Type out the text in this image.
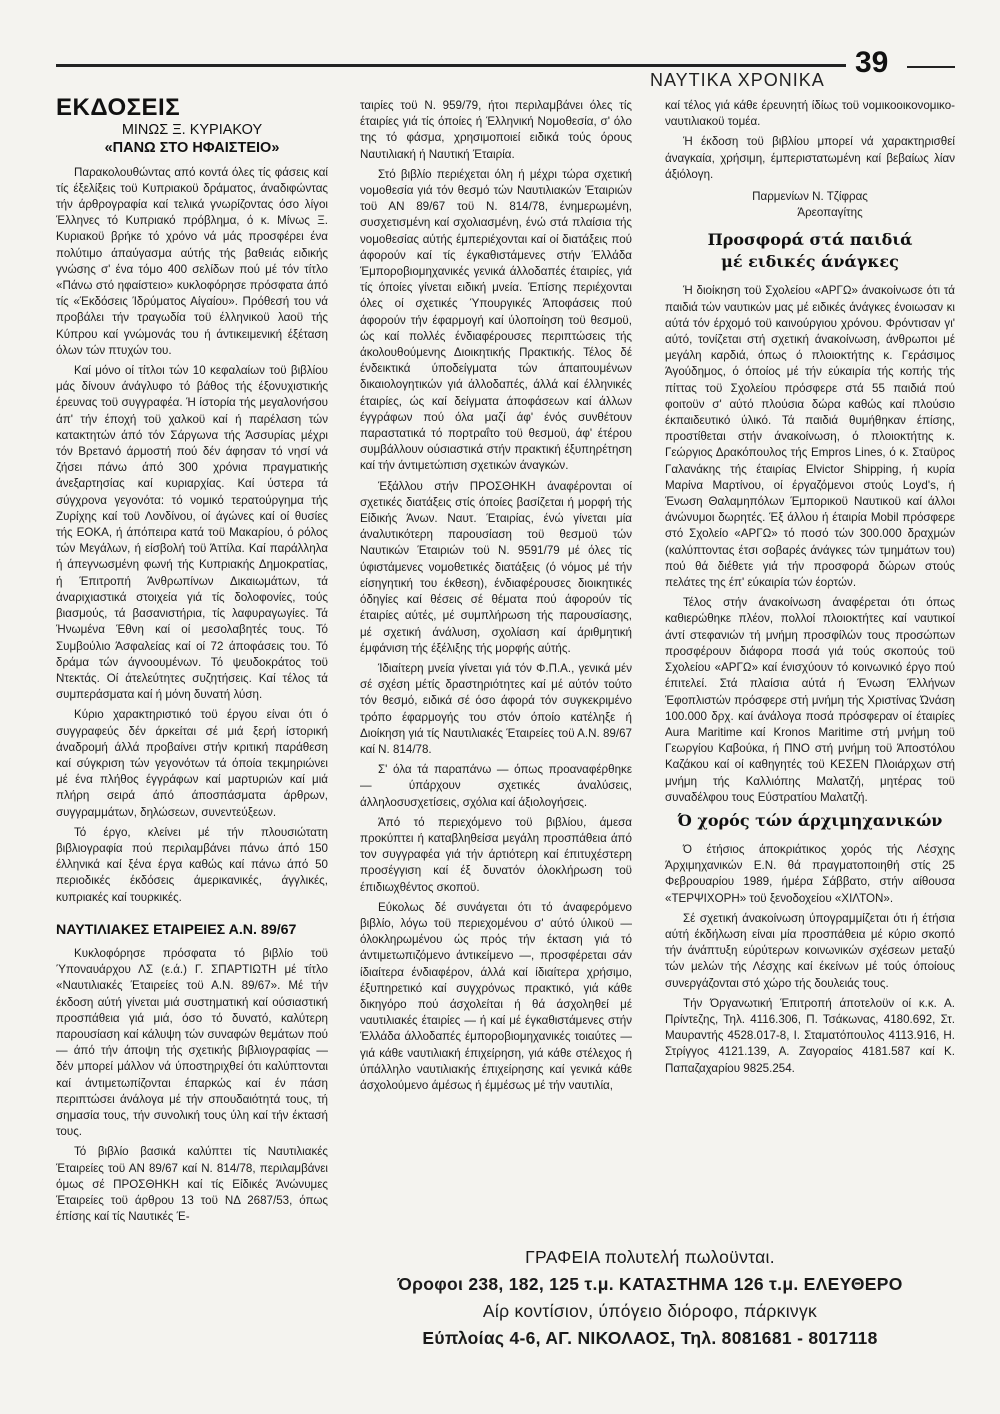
ΝΑΥΤΙΚΑ ΧΡΟΝΙΚΑ
39
ΕΚΔΟΣΕΙΣ
ΜΙΝΩΣ Ξ. ΚΥΡΙΑΚΟΥ
«ΠΑΝΩ ΣΤΟ ΗΦΑΙΣΤΕΙΟ»

Παρακολουθώντας από κοντά όλες τίς φάσεις καί τίς έξελίξεις τοϋ Κυπριακοϋ δράματος, άναδιφώντας τήν άρθρογραφία καί τελικά γνωρίζοντας όσο λίγοι Έλληνες τό Κυπριακό πρόβλημα, ό κ. Μίνως Ξ. Κυριακοϋ βρήκε τό χρόνο νά μάς προσφέρει ένα πολύτιμο άπαύγασμα αύτής τής βαθειάς ειδικής γνώσης σ' ένα τόμο 400 σελίδων πού μέ τόν τίτλο «Πάνω στό ηφαίστειο» κυκλοφόρησε πρόσφατα άπό τίς «Έκδόσεις Ίδρύματος Αίγαίου». Πρόθεσή του νά προβάλει τήν τραγωδία τοϋ έλληνικοϋ λαοϋ τής Κύπρου καί γνώμονάς του ή άντικειμενική έξέταση όλων τών πτυχών του.

Καί μόνο οί τίτλοι τών 10 κεφαλαίων τοϋ βιβλίου μάς δίνουν άνάγλυφο τό βάθος τής έξονυχιστικής έρευνας τοϋ συγγραφέα. Ή ίστορία τής μεγαλονήσου άπ' τήν έποχή τοϋ χαλκοϋ καί ή παρέλαση τών κατακτητών άπό τόν Σάργωνα τής Άσσυρίας μέχρι τόν Βρετανό άρμοστή πού δέν άφησαν τό νησί νά ζήσει πάνω άπό 300 χρόνια πραγματικής άνεξαρτησίας καί κυριαρχίας. Καί ύστερα τά σύγχρονα γεγονότα: τό νομικό τερατούργημα τής Ζυρίχης καί τοϋ Λονδίνου, οί άγώνες καί οί θυσίες τής ΕΟΚΑ, ή άπόπειρα κατά τοϋ Μακαρίου, ό ρόλος τών Μεγάλων, ή είσβολή τοϋ Άττίλα. Καί παράλληλα ή άπεγνωσμένη φωνή τής Κυπριακής Δημοκρατίας, ή Έπιτροπή Άνθρωπίνων Δικαιωμάτων, τά άναριχιαστικά στοιχεία γιά τίς δολοφονίες, τούς βιασμούς, τά βασανιστήρια, τίς λαφυραγωγίες. Τά Ήνωμένα Έθνη καί οί μεσολαβητές τους. Τό Συμβούλιο Άσφαλείας καί οί 72 άποφάσεις του. Τό δράμα τών άγνοουμένων. Τό ψευδοκράτος τοϋ Ντεκτάς. Οί άτελεύτητες συζητήσεις. Καί τέλος τά συμπεράσματα καί ή μόνη δυνατή λύση.

Κύριο χαρακτηριστικό τοϋ έργου είναι ότι ό συγγραφεύς δέν άρκείται σέ μιά ξερή ίστορική άναδρομή άλλά προβαίνει στήν κριτική παράθεση καί σύγκριση τών γεγονότων τά όποία τεκμηριώνει μέ ένα πλήθος έγγράφων καί μαρτυριών καί μιά πλήρη σειρά άπό άποσπάσματα άρθρων, συγγραμμάτων, δηλώσεων, συνεντεύξεων.

Τό έργο, κλείνει μέ τήν πλουσιώτατη βιβλιογραφία πού περιλαμβάνει πάνω άπό 150 έλληνικά καί ξένα έργα καθώς καί πάνω άπό 50 περιοδικές έκδόσεις άμερικανικές, άγγλικές, κυπριακές καί τουρκικές.

ΝΑΥΤΙΛΙΑΚΕΣ ΕΤΑΙΡΕΙΕΣ Α.Ν. 89/67

Κυκλοφόρησε πρόσφατα τό βιβλίο τοϋ Ύποναυάρχου ΛΣ (ε.ά.) Γ. ΣΠΑΡΤΙΩΤΗ μέ τίτλο «Ναυτιλιακές Έταιρείες τοϋ Α.Ν. 89/67». Μέ τήν έκδοση αύτή γίνεται μιά συστηματική καί ούσιαστική προσπάθεια γιά μιά, όσο τό δυνατό, καλύτερη παρουσίαση καί κάλυψη τών συναφών θεμάτων πού — άπό τήν άποψη τής σχετικής βιβλιογραφίας — δέν μπορεί μάλλον νά ύποστηριχθεί ότι καλύπτονται καί άντιμετωπίζονται έπαρκώς καί έν πάση περιπτώσει άνάλογα μέ τήν σπουδαιότητά τους, τή σημασία τους, τήν συνολική τους ύλη καί τήν έκτασή τους.

Τό βιβλίο βασικά καλύπτει τίς Ναυτιλιακές Έταιρείες τοϋ ΑΝ 89/67 καί Ν. 814/78, περιλαμβάνει όμως σέ ΠΡΟΣΘΗΚΗ καί τίς Είδικές Άνώνυμες Έταιρείες τοϋ άρθρου 13 τοϋ ΝΔ 2687/53, όπως έπίσης καί τίς Ναυτικές Έ-

ταιρίες τοϋ Ν. 959/79, ήτοι περιλαμβάνει όλες τίς έταιρίες γιά τίς όποίες ή Έλληνική Νομοθεσία, σ' όλο της τό φάσμα, χρησιμοποιεί ειδικά τούς όρους Ναυτιλιακή ή Ναυτική Έταιρία.

Στό βιβλίο περιέχεται όλη ή μέχρι τώρα σχετική νομοθεσία γιά τόν θεσμό τών Ναυτιλιακών Έταιριών τοϋ ΑΝ 89/67 τοϋ Ν. 814/78, ένημερωμένη, συσχετισμένη καί σχολιασμένη, ένώ στά πλαίσια τής νομοθεσίας αύτής έμπεριέχονται καί οί διατάξεις πού άφορούν καί τίς έγκαθιστάμενες στήν Έλλάδα Έμποροβιομηχανικές γενικά άλλοδαπές έταιρίες, γιά τίς όποίες γίνεται ειδική μνεία. Έπίσης περιέχονται όλες οί σχετικές Ύπουργικές Άποφάσεις πού άφορούν τήν έφαρμογή καί ύλοποίηση τοϋ θεσμοϋ, ώς καί πολλές ένδιαφέρουσες περιπτώσεις τής άκολουθούμενης Διοικητικής Πρακτικής. Τέλος δέ ένδεικτικά ύποδείγματα τών άπαιτουμένων δικαιολογητικών γιά άλλοδαπές, άλλά καί έλληνικές έταιρίες, ώς καί δείγματα άποφάσεων καί άλλων έγγράφων πού όλα μαζί άφ' ένός συνθέτουν παραστατικά τό πορτραΐτο τοϋ θεσμοϋ, άφ' έτέρου συμβάλλουν ούσιαστικά στήν πρακτική έξυπηρέτηση καί τήν άντιμετώπιση σχετικών άναγκών.

Έξάλλου στήν ΠΡΟΣΘΗΚΗ άναφέρονται οί σχετικές διατάξεις στίς όποίες βασίζεται ή μορφή τής Είδικής Άνων. Ναυτ. Έταιρίας, ένώ γίνεται μία άναλυτικότερη παρουσίαση τοϋ θεσμοϋ τών Ναυτικών Έταιριών τοϋ Ν. 9591/79 μέ όλες τίς ύφιστάμενες νομοθετικές διατάξεις (ό νόμος μέ τήν είσηγητική του έκθεση), ένδιαφέρουσες διοικητικές όδηγίες καί θέσεις σέ θέματα πού άφορούν τίς έταιρίες αύτές, μέ συμπλήρωση τής παρουσίασης, μέ σχετική άνάλυση, σχολίαση καί άριθμητική έμφάνιση τής έξέλιξης τής μορφής αύτής.

Ίδιαίτερη μνεία γίνεται γιά τόν Φ.Π.Α., γενικά μέν σέ σχέση μέτίς δραστηριότητες καί μέ αύτόν τούτο τόν θεσμό, ειδικά σέ όσο άφορά τόν συγκεκριμένο τρόπο έφαρμογής του στόν όποίο κατέληξε ή Διοίκηση γιά τίς Ναυτιλιακές Έταιρείες τοϋ Α.Ν. 89/67 καί Ν. 814/78.

Σ' όλα τά παραπάνω — όπως προαναφέρθηκε — ύπάρχουν σχετικές άναλύσεις, άλληλοσυσχετίσεις, σχόλια καί άξιολογήσεις.

Άπό τό περιεχόμενο τοϋ βιβλίου, άμεσα προκύπτει ή καταβληθείσα μεγάλη προσπάθεια άπό τον συγγραφέα γιά τήν άρτιότερη καί έπιτυχέστερη προσέγγιση καί έξ δυνατόν όλοκλήρωση τοϋ έπιδιωχθέντος σκοποϋ.

Εύκολως δέ συνάγεται ότι τό άναφερόμενο βιβλίο, λόγω τοϋ περιεχομένου σ' αύτό ύλικοϋ — όλοκληρωμένου ώς πρός τήν έκταση γιά τό άντιμετωπιζόμενο άντικείμενο —, προσφέρεται σάν ίδιαίτερα ένδιαφέρον, άλλά καί ίδιαίτερα χρήσιμο, έξυπηρετικό καί συγχρόνως πρακτικό, γιά κάθε δικηγόρο πού άσχολείται ή θά άσχοληθεί μέ ναυτιλιακές έταιρίες — ή καί μέ έγκαθιστάμενες στήν Έλλάδα άλλοδαπές έμποροβιομηχανικές τοιαύτες — γιά κάθε ναυτιλιακή έπιχείρηση, γιά κάθε στέλεχος ή ύπάλληλο ναυτιλιακής έπιχείρησης καί γενικά κάθε άσχολούμενο άμέσως ή έμμέσως μέ τήν ναυτιλία,

καί τέλος γιά κάθε έρευνητή ίδίως τοϋ νομικοοικονομικο-ναυτιλιακοϋ τομέα.

Ή έκδοση τοϋ βιβλίου μπορεί νά χαρακτηρισθεί άναγκαία, χρήσιμη, έμπεριστατωμένη καί βεβαίως λίαν άξιόλογη.

Παρμενίων Ν. Τζίφρας
Άρεοπαγίτης
Προσφορά στά παιδιά
μέ ειδικές άνάγκες

Ή διοίκηση τοϋ Σχολείου «ΑΡΓΩ» άνακοίνωσε ότι τά παιδιά τών ναυτικών μας μέ ειδικές άνάγκες ένοιωσαν κι αύτά τόν έρχομό τοϋ καινούργιου χρόνου. Φρόντισαν γι' αύτό, τονίζεται στή σχετική άνακοίνωση, άνθρωποι μέ μεγάλη καρδιά, όπως ό πλοιοκτήτης κ. Γεράσιμος Άγούδημος, ό όποίος μέ τήν εύκαιρία τής κοπής τής πίττας τοϋ Σχολείου πρόσφερε στά 55 παιδιά πού φοιτοϋν σ' αύτό πλούσια δώρα καθώς καί πλούσιο έκπαιδευτικό ύλικό. Τά παιδιά θυμήθηκαν έπίσης, προστίθεται στήν άνακοίνωση, ό πλοιοκτήτης κ. Γεώργιος Δρακόπουλος τής Empros Lines, ό κ. Σταϋρος Γαλανάκης τής έταιρίας Elvictor Shipping, ή κυρία Μαρίνα Μαρτίνου, οί έργαζόμενοι στούς Loyd's, ή Ένωση Θαλαμηπόλων Έμπορικοϋ Ναυτικοϋ καί άλλοι άνώνυμοι δωρητές. Έξ άλλου ή έταιρία Mobil πρόσφερε στό Σχολείο «ΑΡΓΩ» τό ποσό τών 300.000 δραχμών (καλύπτοντας έτσι σοβαρές άνάγκες τών τμημάτων του) πού θά διέθετε γιά τήν προσφορά δώρων στούς πελάτες της έπ' εύκαιρία τών έορτών.

Τέλος στήν άνακοίνωση άναφέρεται ότι όπως καθιερώθηκε πλέον, πολλοί πλοιοκτήτες καί ναυτικοί άντί στεφανιών τή μνήμη προσφίλών τους προσώπων προσφέρουν διάφορα ποσά γιά τούς σκοπούς τοϋ Σχολείου «ΑΡΓΩ» καί ένισχύουν τό κοινωνικό έργο πού έπιτελεί. Στά πλαίσια αύτά ή Ένωση Έλλήνων Έφοπλιστών πρόσφερε στή μνήμη τής Χριστίνας Ώνάση 100.000 δρχ. καί άνάλογα ποσά πρόσφεραν οί έταιρίες Aura Maritime καί Kronos Maritime στή μνήμη τοϋ Γεωργίου Καβούκα, ή ΠΝΟ στή μνήμη τοϋ Άποστόλου Καζάκου καί οί καθηγητές τοϋ ΚΕΣΕΝ Πλοιάρχων στή μνήμη τής Καλλιόπης Μαλατζή, μητέρας τοϋ συναδέλφου τους Εύστρατίου Μαλατζή.

Ό χορός τών άρχιμηχανικών

Ό έτήσιος άποκριάτικος χορός τής Λέσχης Άρχιμηχανικών Ε.Ν. θά πραγματοποιηθή στίς 25 Φεβρουαρίου 1989, ήμέρα Σάββατο, στήν αίθουσα «ΤΕΡΨΙΧΟΡΗ» τοϋ ξενοδοχείου «ΧΙΛΤΟΝ».

Σέ σχετική άνακοίνωση ύπογραμμίζεται ότι ή έτήσια αύτή έκδήλωση είναι μία προσπάθεια μέ κύριο σκοπό τήν άνάπτυξη εύρύτερων κοινωνικών σχέσεων μεταξύ τών μελών τής Λέσχης καί έκείνων μέ τούς όποίους συνεργάζονται στό χώρο τής δουλειάς τους.

Τήν Όργανωτική Έπιτροπή άποτελοϋν οί κ.κ. Α. Πρίντεζης, Τηλ. 4116.306, Π. Τσάκωνας, 4180.692, Στ. Μαυραντής 4528.017-8, Ι. Σταματόπουλος 4113.916, Η. Στρίγγος 4121.139, Α. Ζαγοραίος 4181.587 καί Κ. Παπαζαχαρίου 9825.254.

ΓΡΑΦΕΙΑ πολυτελή πωλοϋνται.
Όροφοι 238, 182, 125 τ.μ. ΚΑΤΑΣΤΗΜΑ 126 τ.μ. ΕΛΕΥΘΕΡΟ
Αίρ κοντίσιον, ύπόγειο διόροφο, πάρκινγκ
Εύπλοίας 4-6, ΑΓ. ΝΙΚΟΛΑΟΣ, Τηλ. 8081681 - 8017118
